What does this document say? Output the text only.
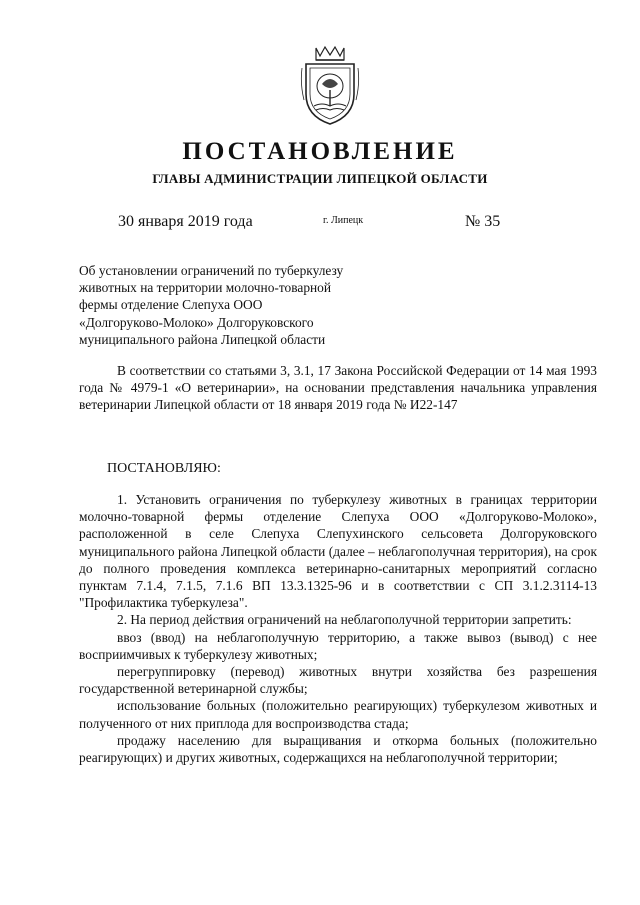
ПОСТАНОВЛЕНИЕ
ГЛАВЫ АДМИНИСТРАЦИИ ЛИПЕЦКОЙ ОБЛАСТИ
30 января 2019 года	г. Липецк	№ 35
Об установлении ограничений по туберкулезу
животных на территории молочно-товарной
фермы отделение Слепуха ООО
«Долгоруково-Молоко» Долгоруковского
муниципального района Липецкой области

В соответствии со статьями 3, 3.1, 17 Закона Российской Федерации от 14 мая 1993 года № 4979-1 «О ветеринарии», на основании представления начальника управления ветеринарии Липецкой области от 18 января 2019 года № И22-147

ПОСТАНОВЛЯЮ:

1. Установить ограничения по туберкулезу животных в границах территории молочно-товарной фермы отделение Слепуха ООО «Долгоруково-Молоко», расположенной в селе Слепуха Слепухинского сельсовета Долгоруковского муниципального района Липецкой области (далее – неблагополучная территория), на срок до полного проведения комплекса ветеринарно-санитарных мероприятий согласно пунктам 7.1.4, 7.1.5, 7.1.6 ВП 13.3.1325-96 и в соответствии с СП 3.1.2.3114-13 "Профилактика туберкулеза".

2. На период действия ограничений на неблагополучной территории запретить:

ввоз (ввод) на неблагополучную территорию, а также вывоз (вывод) с нее восприимчивых к туберкулезу животных;

перегруппировку (перевод) животных внутри хозяйства без разрешения государственной ветеринарной службы;

использование больных (положительно реагирующих) туберкулезом животных и полученного от них приплода для воспроизводства стада;

продажу населению для выращивания и откорма больных (положительно реагирующих) и других животных, содержащихся на неблагополучной территории;
